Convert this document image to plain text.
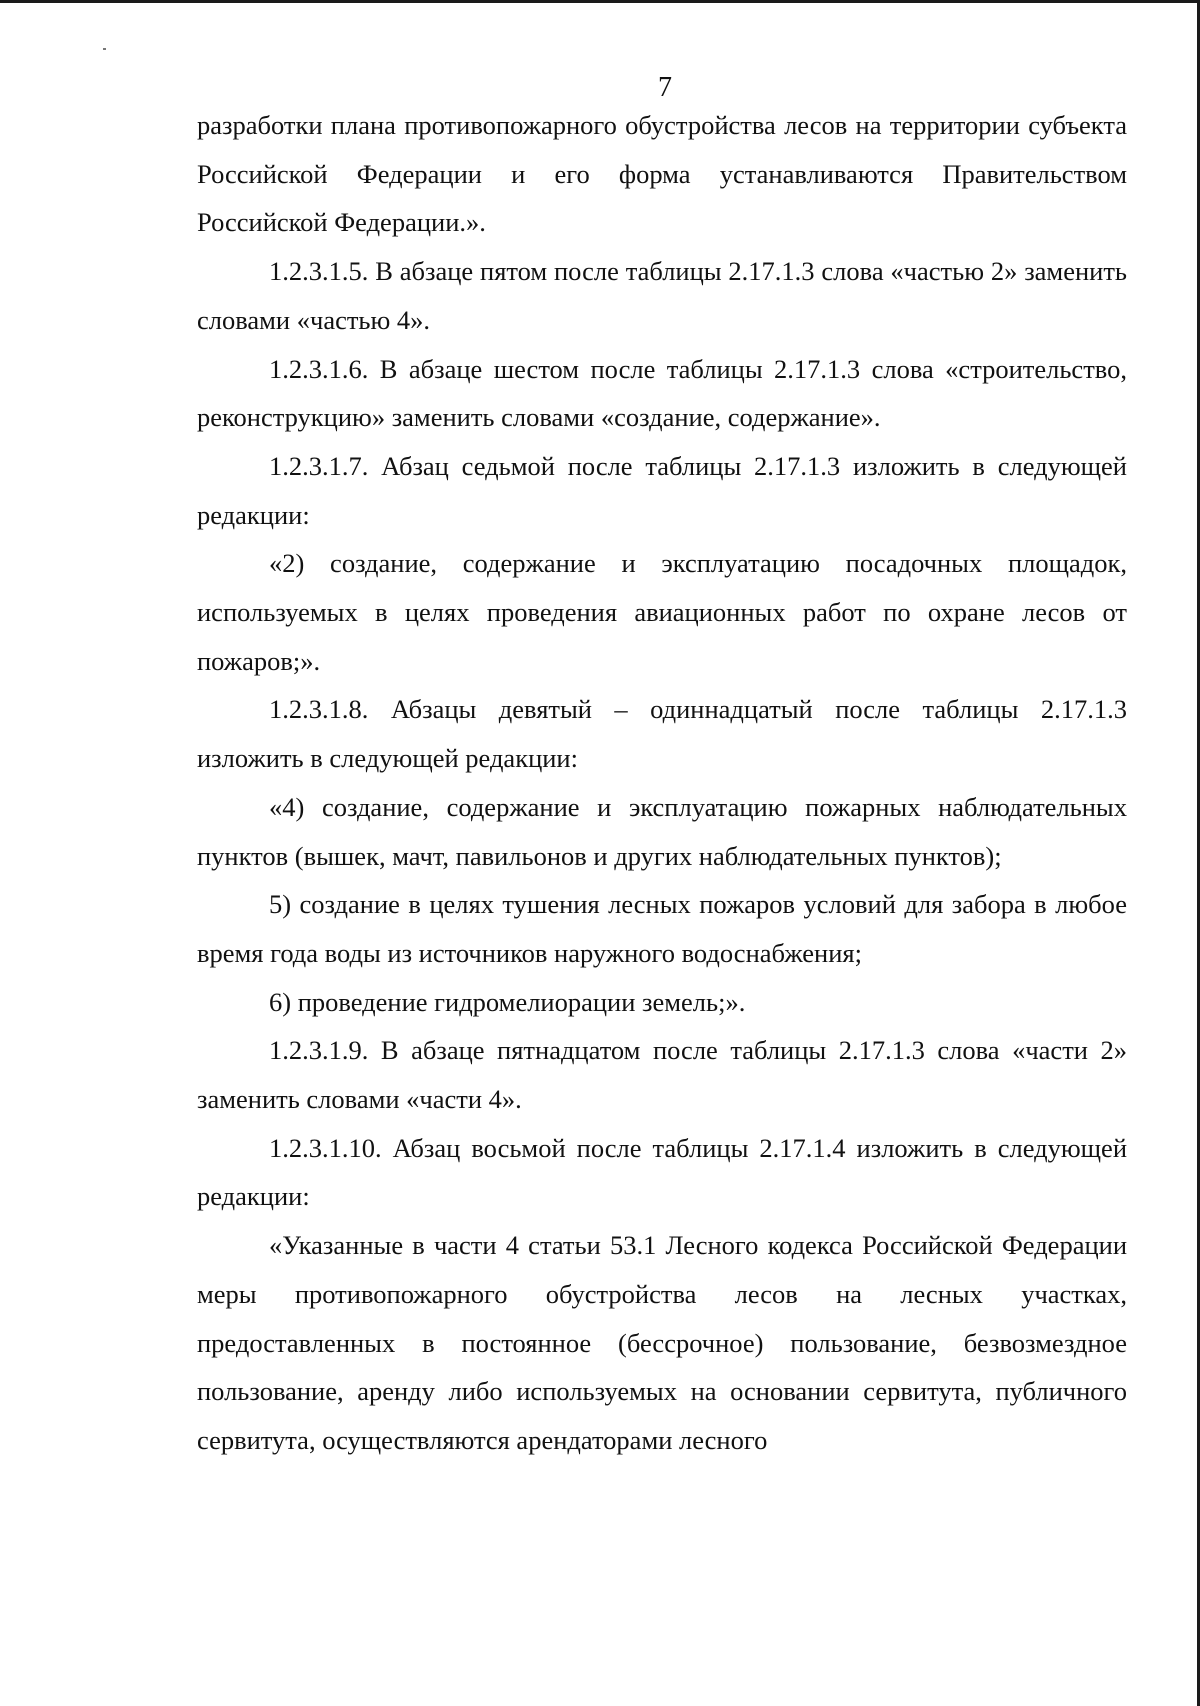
7

разработки плана противопожарного обустройства лесов на территории субъекта Российской Федерации и его форма устанавливаются Правительством Российской Федерации.».

1.2.3.1.5. В абзаце пятом после таблицы 2.17.1.3 слова «частью 2» заменить словами «частью 4».

1.2.3.1.6. В абзаце шестом после таблицы 2.17.1.3 слова «строительство, реконструкцию» заменить словами «создание, содержание».

1.2.3.1.7. Абзац седьмой после таблицы 2.17.1.3 изложить в следующей редакции:

«2) создание, содержание и эксплуатацию посадочных площадок, используемых в целях проведения авиационных работ по охране лесов от пожаров;».

1.2.3.1.8. Абзацы девятый – одиннадцатый после таблицы 2.17.1.3 изложить в следующей редакции:

«4) создание, содержание и эксплуатацию пожарных наблюдательных пунктов (вышек, мачт, павильонов и других наблюдательных пунктов);

5) создание в целях тушения лесных пожаров условий для забора в любое время года воды из источников наружного водоснабжения;

6) проведение гидромелиорации земель;».

1.2.3.1.9. В абзаце пятнадцатом после таблицы 2.17.1.3 слова «части 2» заменить словами «части 4».

1.2.3.1.10. Абзац восьмой после таблицы 2.17.1.4 изложить в следующей редакции:

«Указанные в части 4 статьи 53.1 Лесного кодекса Российской Федерации меры противопожарного обустройства лесов на лесных участках, предоставленных в постоянное (бессрочное) пользование, безвозмездное пользование, аренду либо используемых на основании сервитута, публичного сервитута, осуществляются арендаторами лесного
